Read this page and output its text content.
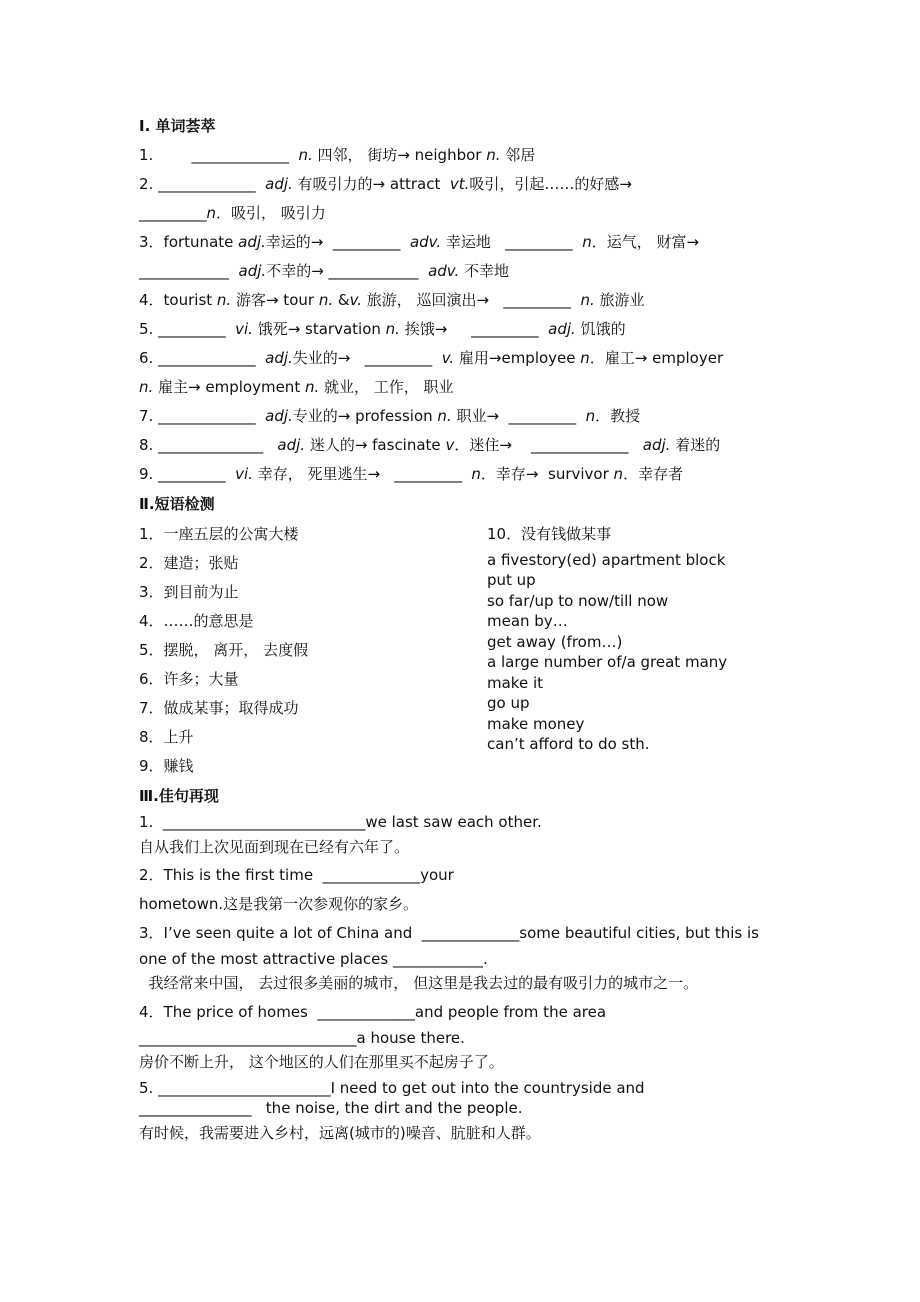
Ⅰ. 单词荟萃
Ⅱ.短语检测
Ⅲ.佳句再现
1.        _____________  n. 四邻， 街坊→ neighbor n. 邻居
2. _____________  adj. 有吸引力的→ attract  vt.吸引，引起……的好感→
_________n．吸引， 吸引力
3．fortunate adj.幸运的→  _________  adv. 幸运地   _________  n．运气， 财富→
____________  adj.不幸的→ ____________  adv. 不幸地
4．tourist n. 游客→ tour n. &v. 旅游， 巡回演出→   _________  n. 旅游业
5. _________  vi. 饿死→ starvation n. 挨饿→     _________  adj. 饥饿的
6. _____________  adj.失业的→   _________  v. 雇用→employee n．雇工→ employer
n. 雇主→ employment n. 就业， 工作， 职业
7. _____________  adj.专业的→ profession n. 职业→  _________  n．教授
8. ______________   adj. 迷人的→ fascinate v．迷住→    _____________   adj. 着迷的
9. _________  vi. 幸存， 死里逃生→   _________  n．幸存→  survivor n．幸存者
1．一座五层的公寓大楼
2．建造；张贴
3．到目前为止
4．……的意思是
5．摆脱， 离开， 去度假
6．许多；大量
7．做成某事；取得成功
8．上升
9．赚钱
10．没有钱做某事
a fivestory(ed) apartment block
put up
so far/up to now/till now
mean by…
get away (from…)
a large number of/a great many
make it
go up
make money
can’t afford to do sth.
1.  ___________________________we last saw each other.
自从我们上次见面到现在已经有六年了。
2．This is the first time  _____________your
hometown.这是我第一次参观你的家乡。
3．I’ve seen quite a lot of China and  _____________some beautiful cities, but this is
one of the most attractive places ____________.
我经常来中国， 去过很多美丽的城市， 但这里是我去过的最有吸引力的城市之一。
4．The price of homes  _____________and people from the area
_____________________________a house there.
房价不断上升， 这个地区的人们在那里买不起房子了。
5. _______________________I need to get out into the countryside and
_______________   the noise, the dirt and the people.
有时候，我需要进入乡村，远离(城市的)噪音、肮脏和人群。
